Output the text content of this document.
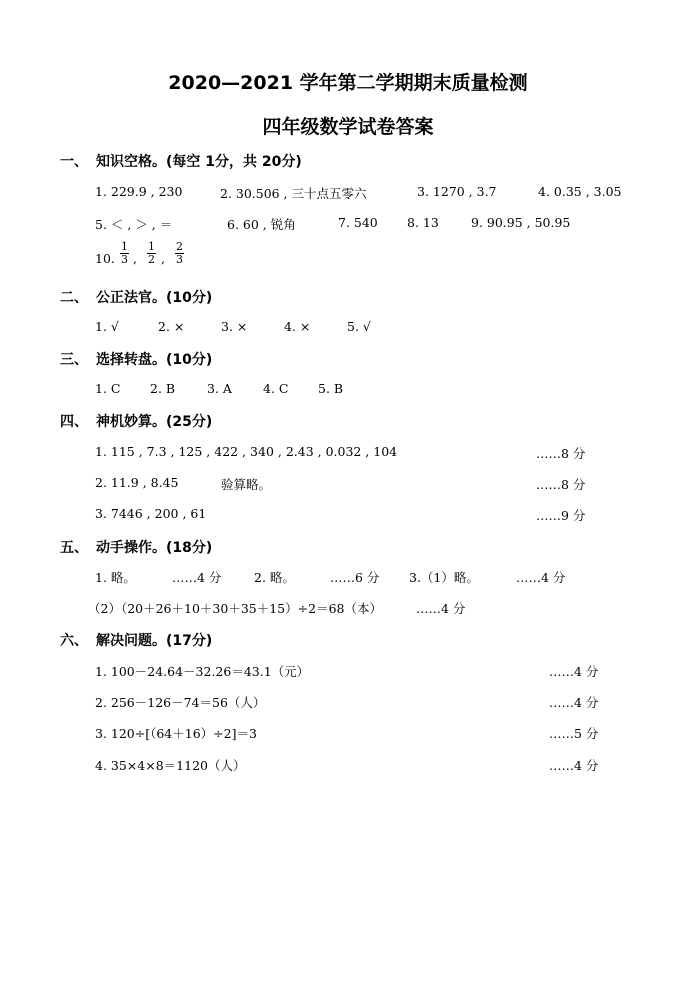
2020—2021 学年第二学期期末质量检测
四年级数学试卷答案
一、 知识空格。(每空 1分，共 20分)
1. 229.9 , 230	2. 30.506 , 三十点五零六	3. 1270 , 3.7	4. 0.35 , 3.05
5. ＜ , ＞ , ＝	6. 60 , 锐角	7. 540 8. 13	9. 90.95 , 50.95
10. $\frac{1}{3}$ , $\frac{1}{2}$ , $\frac{2}{3}$
二、 公正法官。(10分)
1. √	2. ×	3. ×	4. ×	5. √
三、 选择转盘。(10分)
1. C 2. B	3. A 4. C 5. B
四、 神机妙算。(25分)
1. 115 , 7.3 , 125 , 422 , 340 , 2.43 , 0.032 , 104	……8 分
2. 11.9 , 8.45	验算略。	……8 分
3. 7446 , 200 , 61	……9 分
五、 动手操作。(18分)
1. 略。	……4 分	2. 略。	……6 分 3.（1）略。	……4 分
（2）（20＋26＋10＋30＋35＋15）÷2＝68（本）	……4 分
六、 解决问题。(17分)
1. 100－24.64－32.26＝43.1（元）	……4 分
2. 256－126－74＝56（人）	……4 分
3. 120÷[（64＋16）÷2]＝3	……5 分
4. 35×4×8＝1120（人）	……4 分
